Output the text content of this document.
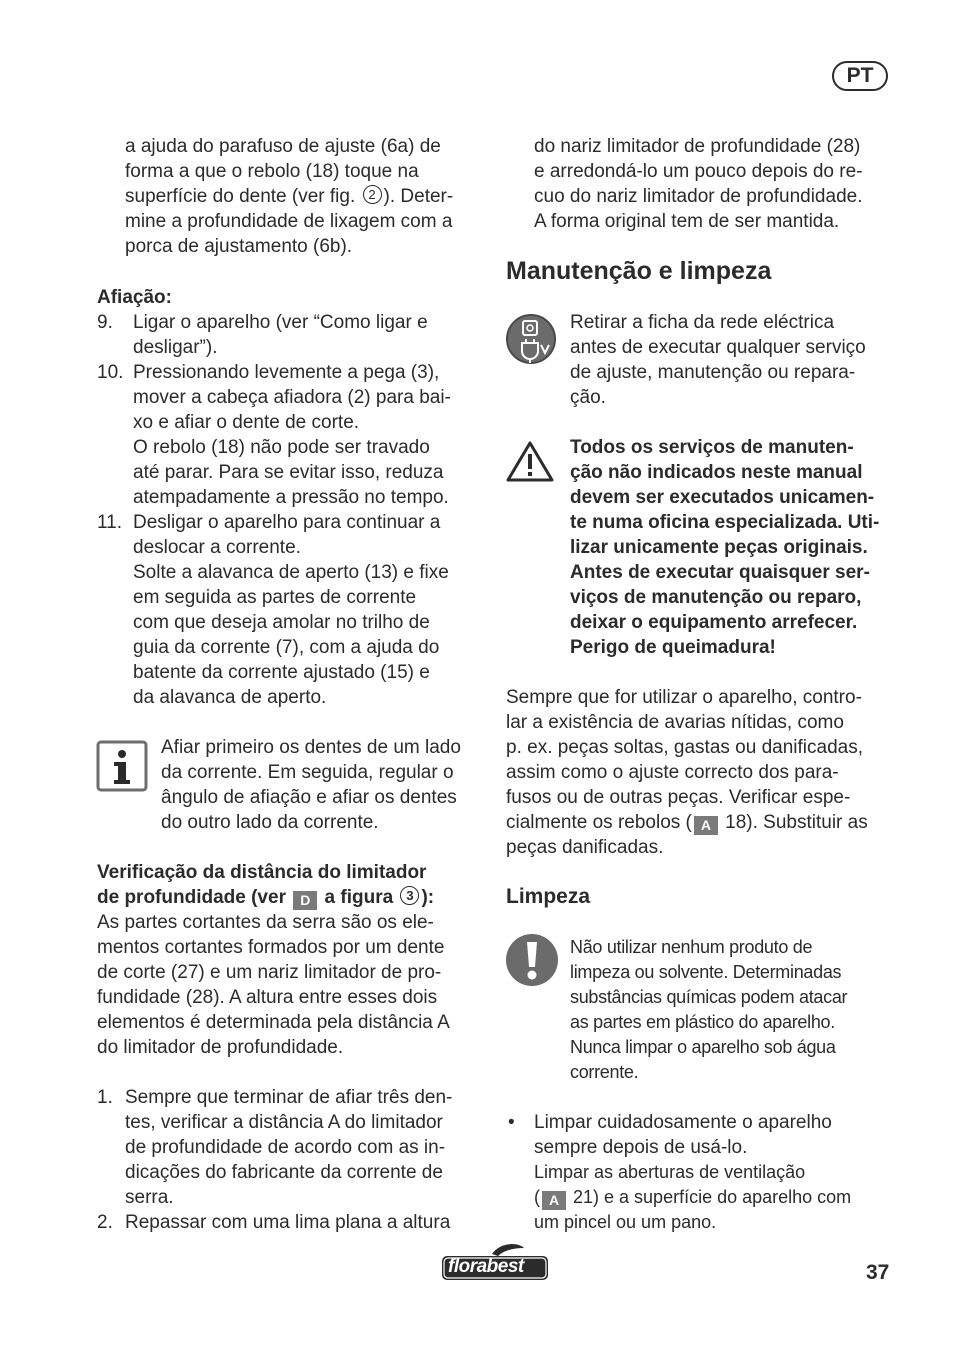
PT

a ajuda do parafuso de ajuste (6a) de

forma a que o rebolo (18) toque na

superfície do dente (ver fig. 2 ). Deter-

mine a profundidade de lixagem com a

porca de ajustamento (6b).

Afiação:

9. Ligar o aparelho (ver “Como ligar e

desligar”).

10. Pressionando levemente a pega (3),

mover a cabeça afiadora (2) para bai-

xo e afiar o dente de corte.

O rebolo (18) não pode ser travado

até parar. Para se evitar isso, reduza

atempadamente a pressão no tempo.

11. Desligar o aparelho para continuar a

deslocar a corrente.

Solte a alavanca de aperto (13) e fixe

em seguida as partes de corrente

com que deseja amolar no trilho de

guia da corrente (7), com a ajuda do

batente da corrente ajustado (15) e

da alavanca de aperto.

Afiar primeiro os dentes de um lado

da corrente. Em seguida, regular o

ângulo de afiação e afiar os dentes

do outro lado da corrente.

Verificação da distância do limitador

de profundidade (ver D a figura 3 ):

As partes cortantes da serra são os ele-

mentos cortantes formados por um dente

de corte (27) e um nariz limitador de pro-

fundidade (28). A altura entre esses dois

elementos é determinada pela distância A

do limitador de profundidade.

1. Sempre que terminar de afiar três den-

tes, verificar a distância A do limitador

de profundidade de acordo com as in-

dicações do fabricante da corrente de

serra.

2. Repassar com uma lima plana a altura

do nariz limitador de profundidade (28)

e arredondá-lo um pouco depois do re-

cuo do nariz limitador de profundidade.

A forma original tem de ser mantida.

Manutenção e limpeza

Retirar a ficha da rede eléctrica

antes de executar qualquer serviço

de ajuste, manutenção ou repara-

ção.

Todos os serviços de manuten-

ção não indicados neste manual

devem ser executados unicamen-

te numa oficina especializada. Uti-

lizar unicamente peças originais.

Antes de executar quaisquer ser-

viços de manutenção ou reparo,

deixar o equipamento arrefecer.

Perigo de queimadura!

Sempre que for utilizar o aparelho, contro-

lar a existência de avarias nítidas, como

p. ex. peças soltas, gastas ou danificadas,

assim como o ajuste correcto dos para-

fusos ou de outras peças. Verificar espe-

cialmente os rebolos ( A 18). Substituir as

peças danificadas.

Limpeza

Não utilizar nenhum produto de

limpeza ou solvente. Determinadas

substâncias químicas podem atacar

as partes em plástico do aparelho.

Nunca limpar o aparelho sob água

corrente.

• Limpar cuidadosamente o aparelho

sempre depois de usá-lo.

Limpar as aberturas de ventilação

( A 21) e a superfície do aparelho com

um pincel ou um pano.

florabest	37
